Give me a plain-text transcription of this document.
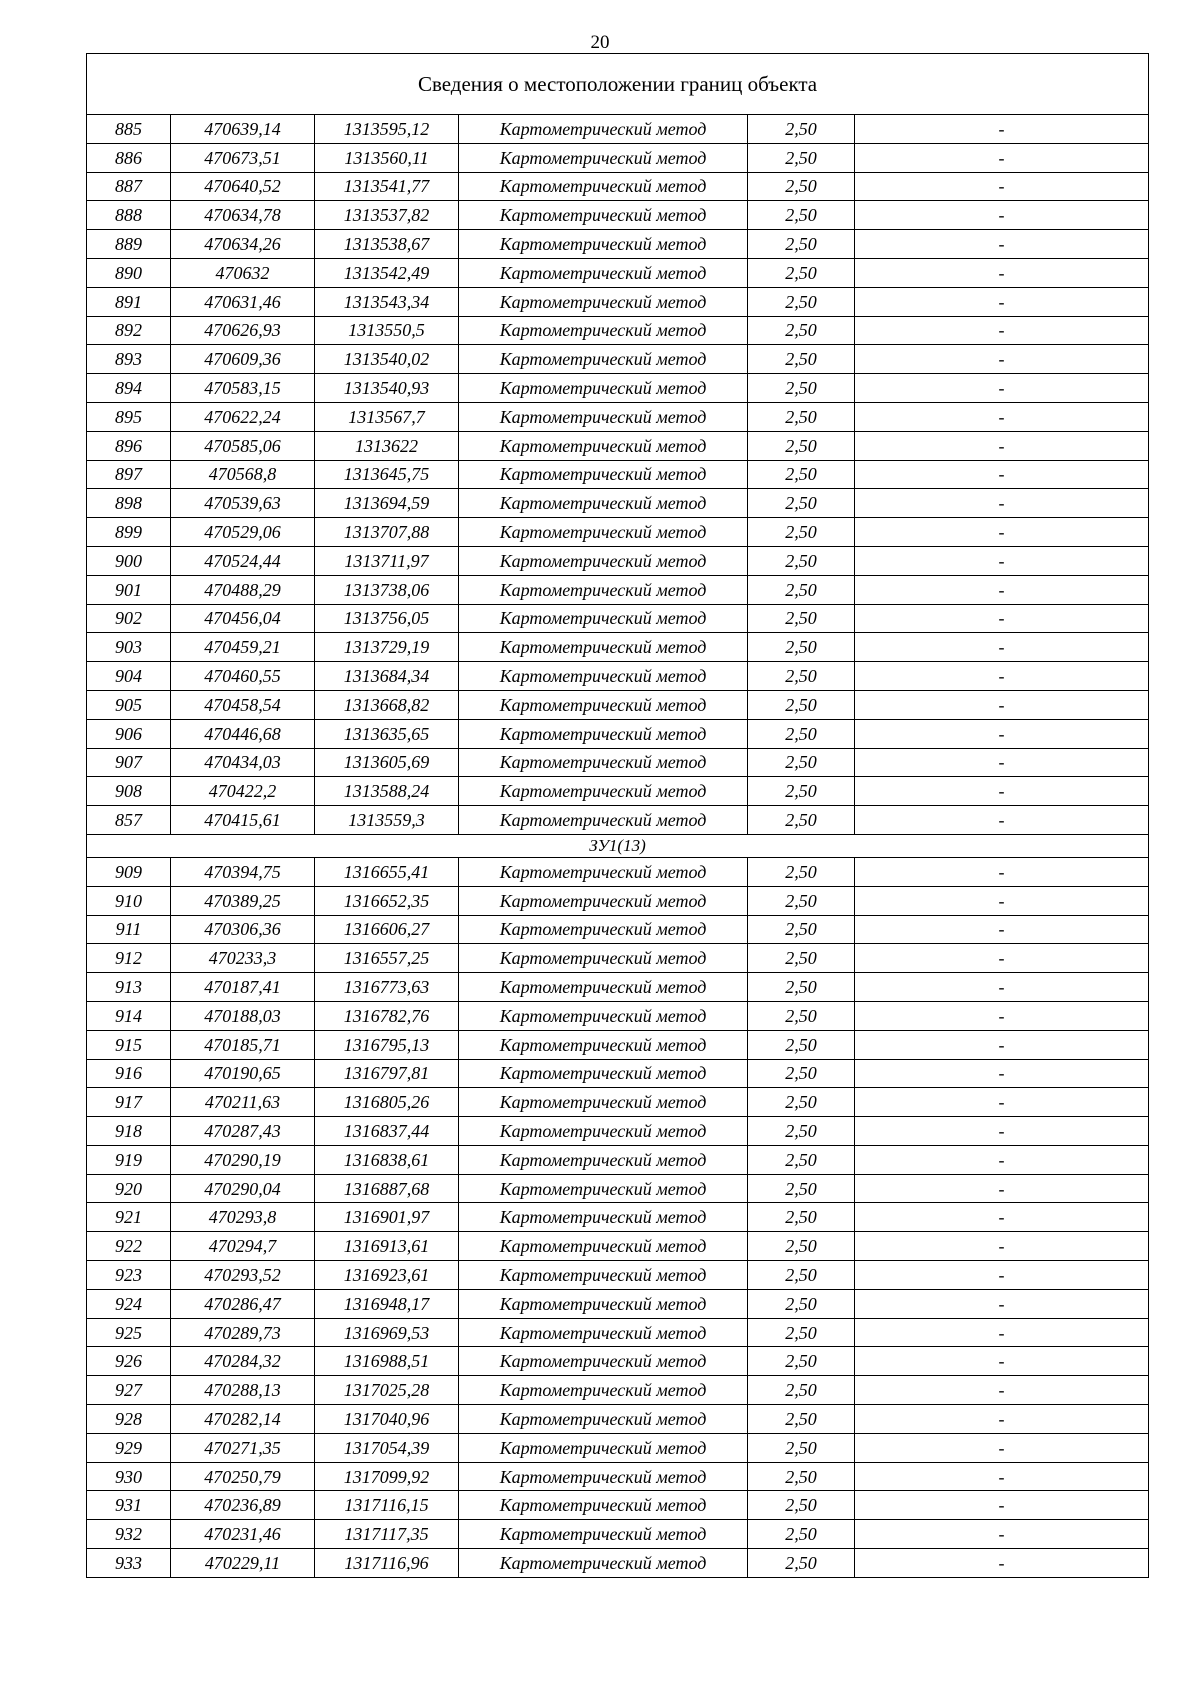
20
Сведения о местоположении границ объекта					
885	470639,14	1313595,12	Картометрический метод	2,50	-
886	470673,51	1313560,11	Картометрический метод	2,50	-
887	470640,52	1313541,77	Картометрический метод	2,50	-
888	470634,78	1313537,82	Картометрический метод	2,50	-
889	470634,26	1313538,67	Картометрический метод	2,50	-
890	470632	1313542,49	Картометрический метод	2,50	-
891	470631,46	1313543,34	Картометрический метод	2,50	-
892	470626,93	1313550,5	Картометрический метод	2,50	-
893	470609,36	1313540,02	Картометрический метод	2,50	-
894	470583,15	1313540,93	Картометрический метод	2,50	-
895	470622,24	1313567,7	Картометрический метод	2,50	-
896	470585,06	1313622	Картометрический метод	2,50	-
897	470568,8	1313645,75	Картометрический метод	2,50	-
898	470539,63	1313694,59	Картометрический метод	2,50	-
899	470529,06	1313707,88	Картометрический метод	2,50	-
900	470524,44	1313711,97	Картометрический метод	2,50	-
901	470488,29	1313738,06	Картометрический метод	2,50	-
902	470456,04	1313756,05	Картометрический метод	2,50	-
903	470459,21	1313729,19	Картометрический метод	2,50	-
904	470460,55	1313684,34	Картометрический метод	2,50	-
905	470458,54	1313668,82	Картометрический метод	2,50	-
906	470446,68	1313635,65	Картометрический метод	2,50	-
907	470434,03	1313605,69	Картометрический метод	2,50	-
908	470422,2	1313588,24	Картометрический метод	2,50	-
857	470415,61	1313559,3	Картометрический метод	2,50	-
ЗУ1(13)					
909	470394,75	1316655,41	Картометрический метод	2,50	-
910	470389,25	1316652,35	Картометрический метод	2,50	-
911	470306,36	1316606,27	Картометрический метод	2,50	-
912	470233,3	1316557,25	Картометрический метод	2,50	-
913	470187,41	1316773,63	Картометрический метод	2,50	-
914	470188,03	1316782,76	Картометрический метод	2,50	-
915	470185,71	1316795,13	Картометрический метод	2,50	-
916	470190,65	1316797,81	Картометрический метод	2,50	-
917	470211,63	1316805,26	Картометрический метод	2,50	-
918	470287,43	1316837,44	Картометрический метод	2,50	-
919	470290,19	1316838,61	Картометрический метод	2,50	-
920	470290,04	1316887,68	Картометрический метод	2,50	-
921	470293,8	1316901,97	Картометрический метод	2,50	-
922	470294,7	1316913,61	Картометрический метод	2,50	-
923	470293,52	1316923,61	Картометрический метод	2,50	-
924	470286,47	1316948,17	Картометрический метод	2,50	-
925	470289,73	1316969,53	Картометрический метод	2,50	-
926	470284,32	1316988,51	Картометрический метод	2,50	-
927	470288,13	1317025,28	Картометрический метод	2,50	-
928	470282,14	1317040,96	Картометрический метод	2,50	-
929	470271,35	1317054,39	Картометрический метод	2,50	-
930	470250,79	1317099,92	Картометрический метод	2,50	-
931	470236,89	1317116,15	Картометрический метод	2,50	-
932	470231,46	1317117,35	Картометрический метод	2,50	-
933	470229,11	1317116,96	Картометрический метод	2,50	-
